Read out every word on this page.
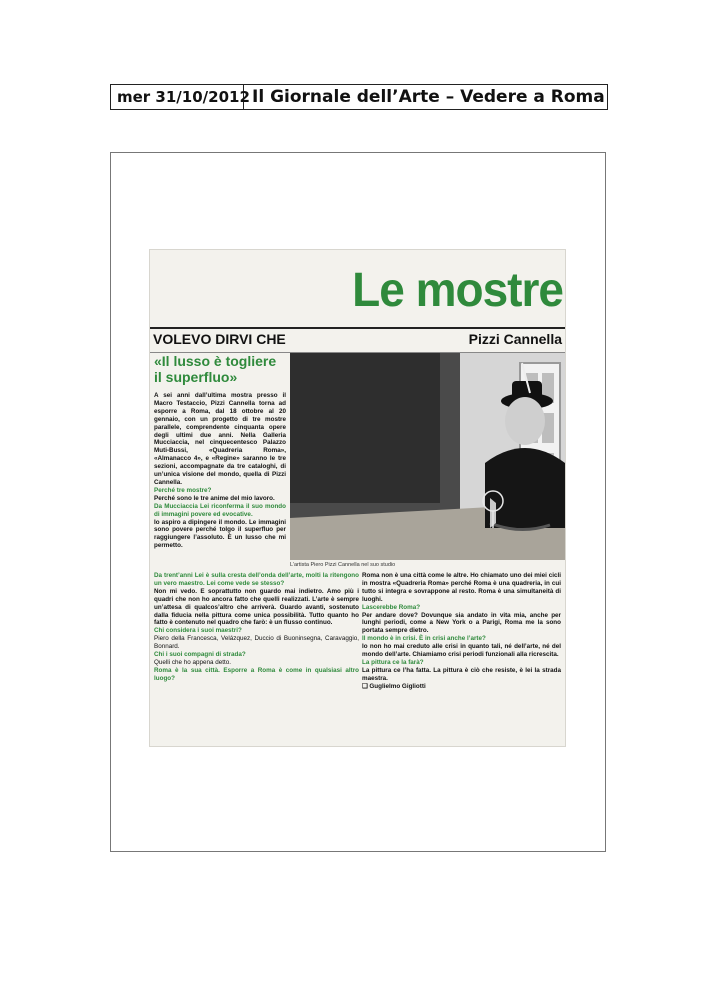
mer 31/10/2012 Il Giornale dell’Arte – Vedere a Roma
Le mostre
VOLEVO DIRVI CHE	Pizzi Cannella
«Il lusso è togliere il superfluo»

A sei anni dall’ultima mostra presso il Macro Testaccio, Pizzi Cannella torna ad esporre a Roma, dal 18 ottobre al 20 gennaio, con un progetto di tre mostre parallele, comprendente cinquanta opere degli ultimi due anni. Nella Galleria Mucciaccia, nel cinquecentesco Palazzo Muti-Bussi, «Quadreria Roma», «Almanacco 4», e «Regine» saranno le tre sezioni, accompagnate da tre cataloghi, di un’unica visione del mondo, quella di Pizzi Cannella.

Perché tre mostre?

Perché sono le tre anime del mio lavoro.

Da Mucciaccia Lei riconferma il suo mondo di immagini povere ed evocative.

Io aspiro a dipingere il mondo. Le immagini sono povere perché tolgo il superfluo per raggiungere l’assoluto. È un lusso che mi permetto.

L’artista Piero Pizzi Cannella nel suo studio

Da trent’anni Lei è sulla cresta dell’onda dell’arte, molti la ritengono un vero maestro. Lei come vede se stesso?

Non mi vedo. E soprattutto non guardo mai indietro. Amo più i quadri che non ho ancora fatto che quelli realizzati. L’arte è sempre un’attesa di qualcos’altro che arriverà. Guardo avanti, sostenuto dalla fiducia nella pittura come unica possibilità. Tutto quanto ho fatto è contenuto nel quadro che farò: è un flusso continuo.

Chi considera i suoi maestri?

Piero della Francesca, Velázquez, Duccio di Buoninsegna, Caravaggio, Bonnard.

Chi i suoi compagni di strada?

Quelli che ho appena detto.

Roma è la sua città. Esporre a Roma è come in qualsiasi altro luogo?

Roma non è una città come le altre. Ho chiamato uno dei miei cicli in mostra «Quadreria Roma» perché Roma è una quadreria, in cui tutto si integra e sovrappone al resto. Roma è una simultaneità di luoghi.

Lascerebbe Roma?

Per andare dove? Dovunque sia andato in vita mia, anche per lunghi periodi, come a New York o a Parigi, Roma me la sono portata sempre dietro.

Il mondo è in crisi. È in crisi anche l’arte?

Io non ho mai creduto alle crisi in quanto tali, né dell’arte, né del mondo dell’arte. Chiamiamo crisi periodi funzionali alla ricrescita.

La pittura ce la farà?

La pittura ce l’ha fatta. La pittura è ciò che resiste, è lei la strada maestra.

❑ Guglielmo Gigliotti
